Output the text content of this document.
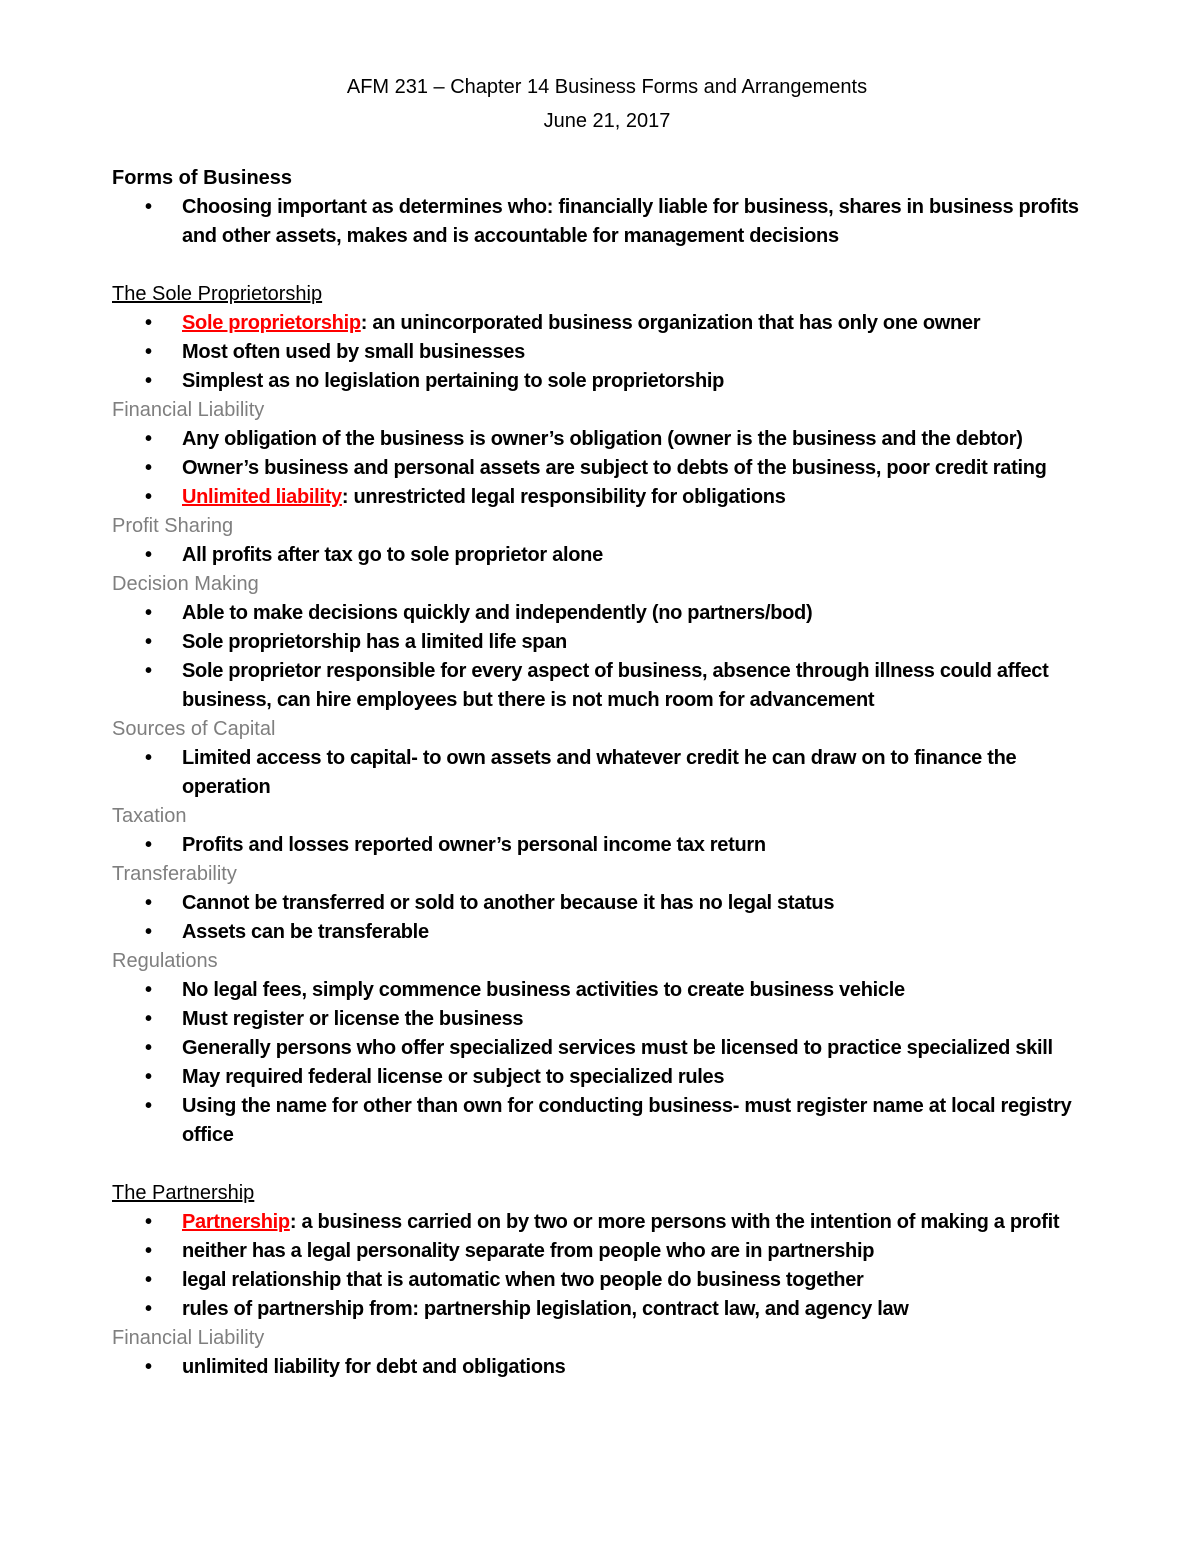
AFM 231 – Chapter 14 Business Forms and Arrangements

June 21, 2017

Forms of Business

• Choosing important as determines who: financially liable for business, shares in business profits and other assets, makes and is accountable for management decisions

The Sole Proprietorship

• Sole proprietorship: an unincorporated business organization that has only one owner
• Most often used by small businesses
• Simplest as no legislation pertaining to sole proprietorship

Financial Liability

• Any obligation of the business is owner’s obligation (owner is the business and the debtor)
• Owner’s business and personal assets are subject to debts of the business, poor credit rating
• Unlimited liability: unrestricted legal responsibility for obligations

Profit Sharing

• All profits after tax go to sole proprietor alone

Decision Making

• Able to make decisions quickly and independently (no partners/bod)
• Sole proprietorship has a limited life span
• Sole proprietor responsible for every aspect of business, absence through illness could affect business, can hire employees but there is not much room for advancement

Sources of Capital

• Limited access to capital- to own assets and whatever credit he can draw on to finance the operation

Taxation

• Profits and losses reported owner’s personal income tax return

Transferability

• Cannot be transferred or sold to another because it has no legal status
• Assets can be transferable

Regulations

• No legal fees, simply commence business activities to create business vehicle
• Must register or license the business
• Generally persons who offer specialized services must be licensed to practice specialized skill
• May required federal license or subject to specialized rules
• Using the name for other than own for conducting business- must register name at local registry office

The Partnership

• Partnership: a business carried on by two or more persons with the intention of making a profit
• neither has a legal personality separate from people who are in partnership
• legal relationship that is automatic when two people do business together
• rules of partnership from: partnership legislation, contract law, and agency law

Financial Liability

• unlimited liability for debt and obligations
